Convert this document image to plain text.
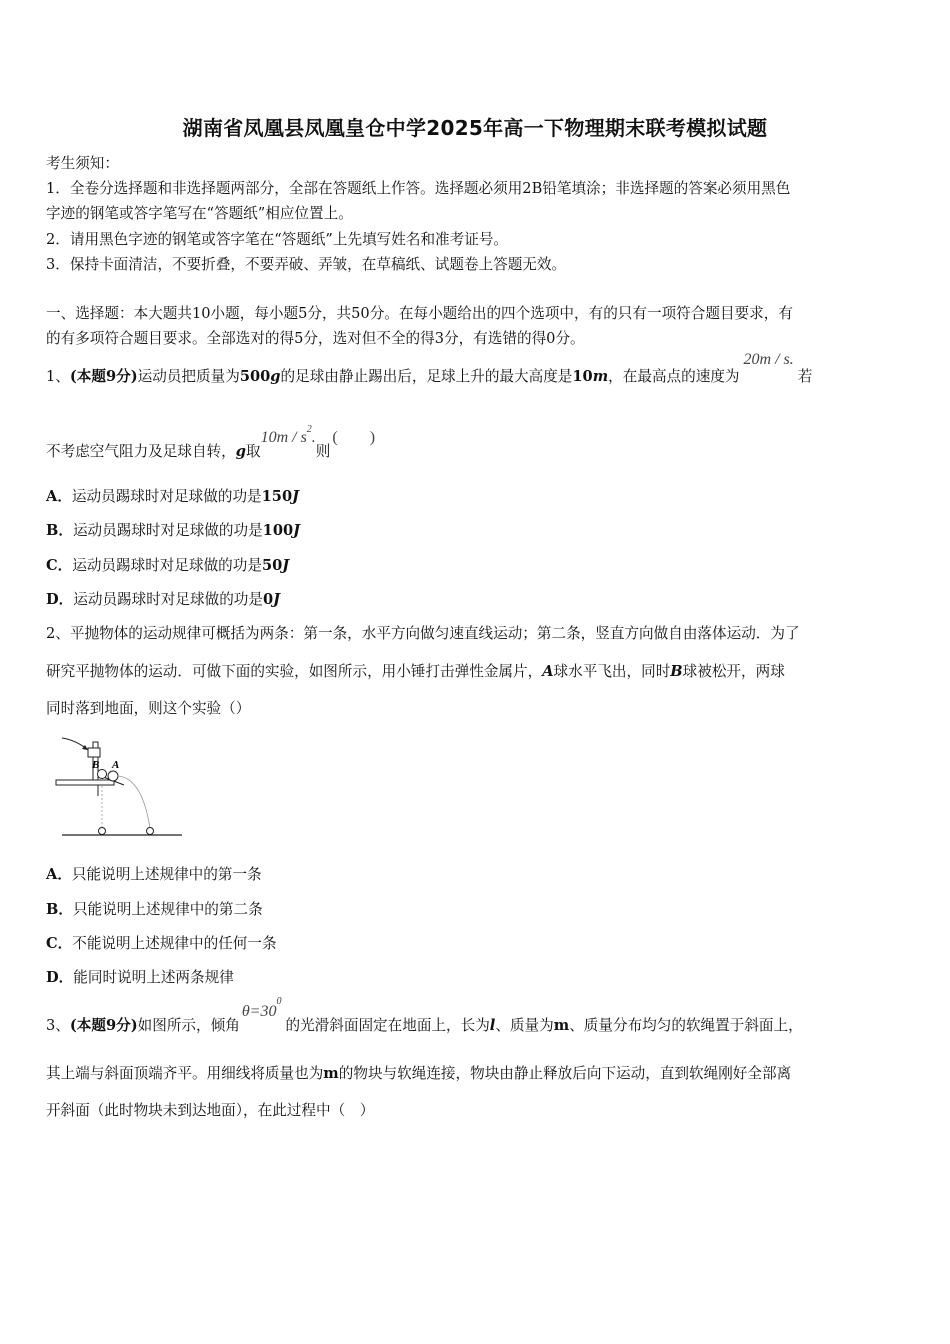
湖南省凤凰县凤凰皇仓中学2025年高一下物理期末联考模拟试题
考生须知：
1．全卷分选择题和非选择题两部分，全部在答题纸上作答。选择题必须用2B铅笔填涂；非选择题的答案必须用黑色
字迹的钢笔或答字笔写在“答题纸”相应位置上。
2．请用黑色字迹的钢笔或答字笔在“答题纸”上先填写姓名和准考证号。
3．保持卡面清洁，不要折叠，不要弄破、弄皱，在草稿纸、试题卷上答题无效。
一、选择题：本大题共10小题，每小题5分，共50分。在每小题给出的四个选项中，有的只有一项符合题目要求，有
的有多项符合题目要求。全部选对的得5分，选对但不全的得3分，有选错的得0分。
1、(本题9分)运动员把质量为500g的足球由静止踢出后，足球上升的最大高度是10m，在最高点的速度为20m / s.若
不考虑空气阻力及足球自转，g取$10m / s^2$.则(　　)
A．运动员踢球时对足球做的功是150J
B．运动员踢球时对足球做的功是100J
C．运动员踢球时对足球做的功是50J
D．运动员踢球时对足球做的功是0J
2、平抛物体的运动规律可概括为两条：第一条，水平方向做匀速直线运动；第二条，竖直方向做自由落体运动．为了
研究平抛物体的运动．可做下面的实验，如图所示，用小锤打击弹性金属片，A球水平飞出，同时B球被松开，两球
同时落到地面，则这个实验（）
B A
A．只能说明上述规律中的第一条
B．只能说明上述规律中的第二条
C．不能说明上述规律中的任何一条
D．能同时说明上述两条规律
3、(本题9分)如图所示，倾角$\theta=30^0$的光滑斜面固定在地面上，长为l、质量为m、质量分布均匀的软绳置于斜面上，
其上端与斜面顶端齐平。用细线将质量也为m的物块与软绳连接，物块由静止释放后向下运动，直到软绳刚好全部离
开斜面（此时物块未到达地面），在此过程中（　）
